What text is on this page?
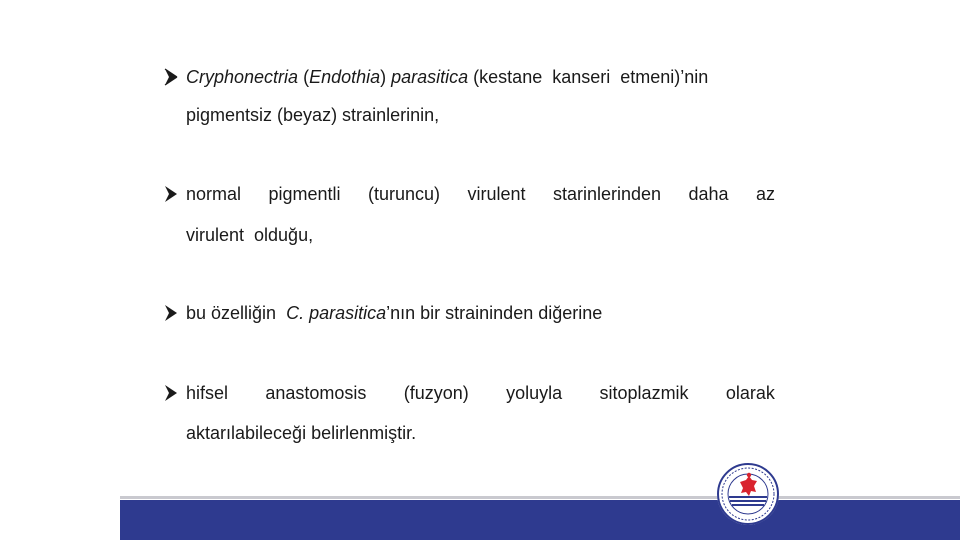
Cryphonectria (Endothia) parasitica (kestane  kanseri  etmeni)’nin
pigmentsiz (beyaz) strainlerinin,
normal pigmentli (turuncu) virulent starinlerinden daha az
virulent  olduğu,
bu özelliğin  C. parasitica’nın bir straininden diğerine
hifsel anastomosis (fuzyon) yoluyla sitoplazmik olarak
aktarılabileceği belirlenmiştir.
